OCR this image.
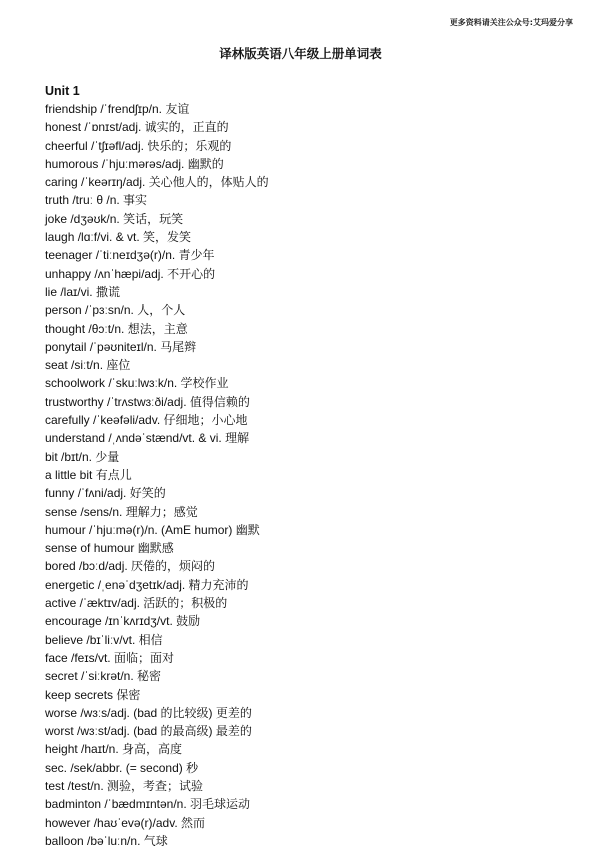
更多资料请关注公众号:艾玛爱分享
译林版英语八年级上册单词表
Unit 1
friendship /ˈfrendʃɪp/n. 友谊
honest /ˈɒnɪst/adj. 诚实的，正直的
cheerful /ˈtʃɪəfl/adj. 快乐的；乐观的
humorous /ˈhjuːmərəs/adj. 幽默的
caring /ˈkeərɪŋ/adj. 关心他人的，体贴人的
truth /truː θ /n. 事实
joke /dʒəʊk/n. 笑话，玩笑
laugh /lɑːf/vi. & vt. 笑，发笑
teenager /ˈtiːneɪdʒə(r)/n. 青少年
unhappy /ʌnˈhæpi/adj. 不开心的
lie /laɪ/vi. 撒谎
person /ˈpɜːsn/n. 人，个人
thought /θɔːt/n. 想法，主意
ponytail /ˈpəʊniteɪl/n. 马尾辫
seat /siːt/n. 座位
schoolwork /ˈskuːlwɜːk/n. 学校作业
trustworthy /ˈtrʌstwɜːði/adj. 值得信赖的
carefully /ˈkeəfəli/adv. 仔细地；小心地
understand /ˌʌndəˈstænd/vt. & vi. 理解
bit /bɪt/n. 少量
a little bit 有点儿
funny /ˈfʌni/adj. 好笑的
sense /sens/n. 理解力；感觉
humour /ˈhjuːmə(r)/n. (AmE humor) 幽默
sense of humour 幽默感
bored /bɔːd/adj. 厌倦的，烦闷的
energetic /ˌenəˈdʒetɪk/adj. 精力充沛的
active /ˈæktɪv/adj. 活跃的；积极的
encourage /ɪnˈkʌrɪdʒ/vt. 鼓励
believe /bɪˈliːv/vt. 相信
face /feɪs/vt. 面临；面对
secret /ˈsiːkrət/n. 秘密
keep secrets 保密
worse /wɜːs/adj. (bad 的比较级) 更差的
worst /wɜːst/adj. (bad 的最高级) 最差的
height /haɪt/n. 身高，高度
sec. /sek/abbr. (= second) 秒
test /test/n. 测验，考查；试验
badminton /ˈbædmɪntən/n. 羽毛球运动
however /haʊˈevə(r)/adv. 然而
balloon /bəˈluːn/n. 气球
